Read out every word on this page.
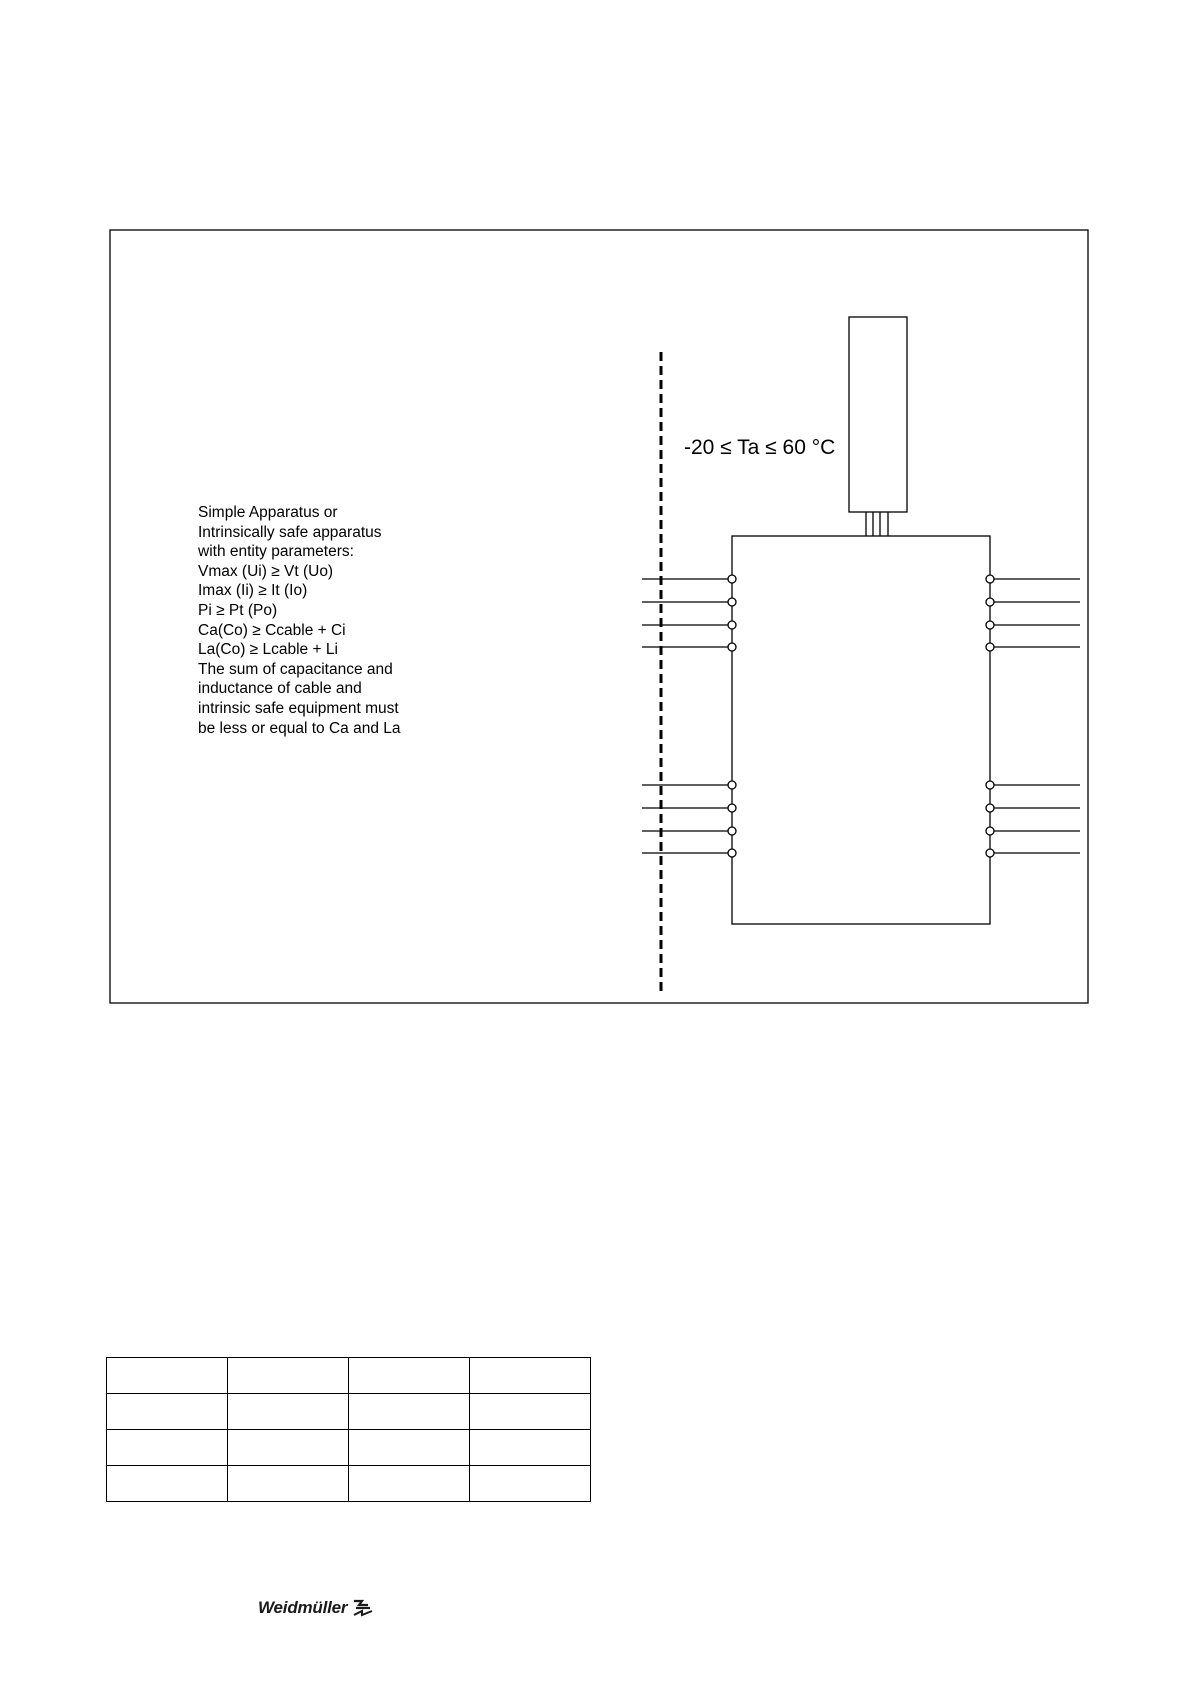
-20 ≤ Ta ≤ 60 °C
Simple Apparatus or
Intrinsically safe apparatus
with entity parameters:
Vmax (Ui) ≥ Vt (Uo)
Imax (Ii) ≥ It (Io)
Pi ≥ Pt (Po)
Ca(Co) ≥ Ccable + Ci
La(Co) ≥ Lcable + Li
The sum of capacitance and
inductance of cable and
intrinsic safe equipment must
be less or equal to Ca and La

Weidmüller
